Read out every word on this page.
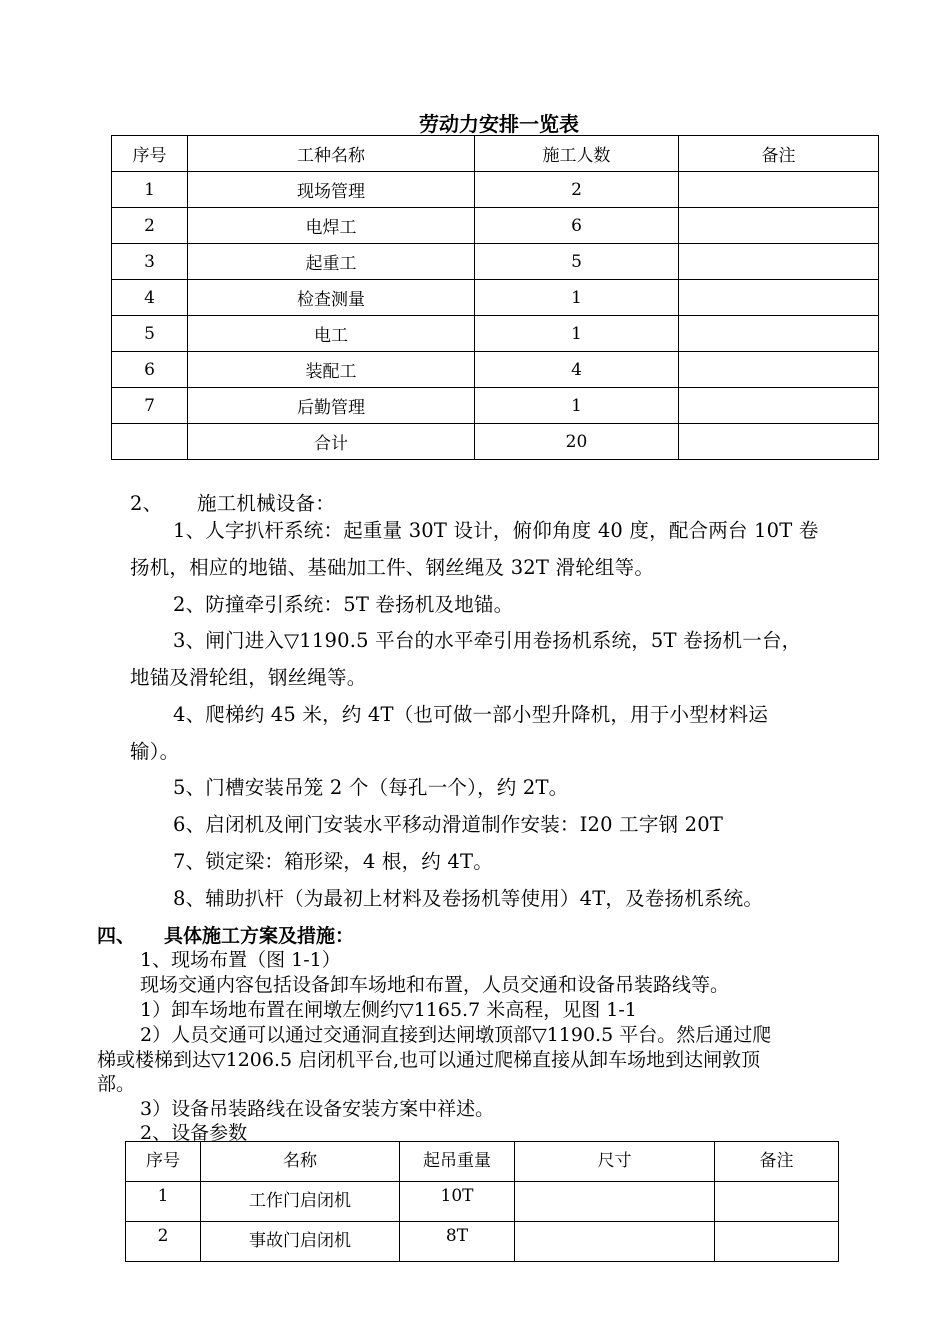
劳动力安排一览表
序号	工种名称	施工人数	备注
1	现场管理	2	
2	电焊工	6	
3	起重工	5	
4	检查测量	1	
5	电工	1	
6	装配工	4	
7	后勤管理	1	
	合计	20	
2、 施工机械设备：
1、人字扒杆系统：起重量 30T 设计，俯仰角度 40 度，配合两台 10T 卷
扬机，相应的地锚、基础加工件、钢丝绳及 32T 滑轮组等。
2、防撞牵引系统：5T 卷扬机及地锚。
3、闸门进入▽1190.5 平台的水平牵引用卷扬机系统，5T 卷扬机一台，
地锚及滑轮组，钢丝绳等。
4、爬梯约 45 米，约 4T（也可做一部小型升降机，用于小型材料运
输）。
5、门槽安装吊笼 2 个（每孔一个），约 2T。
6、启闭机及闸门安装水平移动滑道制作安装：I20 工字钢 20T
7、锁定梁：箱形梁，4 根，约 4T。
8、辅助扒杆（为最初上材料及卷扬机等使用）4T，及卷扬机系统。
四、 具体施工方案及措施：
1、现场布置（图 1-1）
现场交通内容包括设备卸车场地和布置，人员交通和设备吊装路线等。
1）卸车场地布置在闸墩左侧约▽1165.7 米高程，见图 1-1
2）人员交通可以通过交通洞直接到达闸墩顶部▽1190.5 平台。然后通过爬
梯或楼梯到达▽1206.5 启闭机平台,也可以通过爬梯直接从卸车场地到达闸敦顶
部。
3）设备吊装路线在设备安装方案中祥述。
2、设备参数
序号	名称	起吊重量	尺寸	备注
1	工作门启闭机	10T		
2	事故门启闭机	8T		
